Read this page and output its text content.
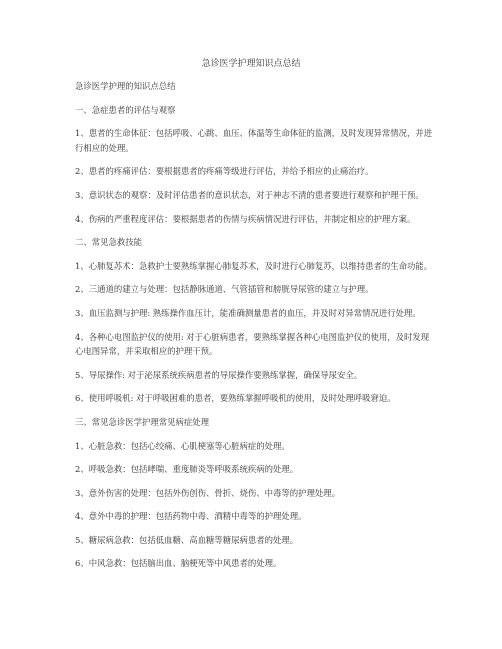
急诊医学护理知识点总结

急诊医学护理的知识点总结

一、急症患者的评估与观察

1、患者的生命体征：包括呼吸、心跳、血压、体温等生命体征的监测，及时发现异常情况，并进行相应的处理。

2、患者的疼痛评估：要根据患者的疼痛等级进行评估，并给予相应的止痛治疗。

3、意识状态的观察：及时评估患者的意识状态，对于神志不清的患者要进行观察和护理干预。

4、伤病的严重程度评估：要根据患者的伤情与疾病情况进行评估，并制定相应的护理方案。

二、常见急救技能

1、心肺复苏术：急救护士要熟练掌握心肺复苏术，及时进行心肺复苏，以维持患者的生命功能。

2、三通道的建立与处理：包括静脉通道、气管插管和膀胱导尿管的建立与护理。

3、血压监测与护理: 熟练操作血压计，能准确测量患者的血压，并及时对异常情况进行处理。

4、各种心电图监护仪的使用: 对于心脏病患者，要熟练掌握各种心电图监护仪的使用，及时发现心电图异常，并采取相应的护理干预。

5、导尿操作: 对于泌尿系统疾病患者的导尿操作要熟练掌握，确保导尿安全。

6、使用呼吸机: 对于呼吸困难的患者，要熟练掌握呼吸机的使用，及时处理呼吸窘迫。

三、常见急诊医学护理常见病症处理

1、心脏急救：包括心绞痛、心肌梗塞等心脏病症的处理。

2、呼吸急救：包括哮喘、重度肺炎等呼吸系统疾病的处理。

3、意外伤害的处理：包括外伤创伤、骨折、烧伤、中毒等的护理处理。

4、意外中毒的护理：包括药物中毒、酒精中毒等的护理处理。

5、糖尿病急救：包括低血糖、高血糖等糖尿病患者的处理。

6、中风急救：包括脑出血、脑梗死等中风患者的处理。
